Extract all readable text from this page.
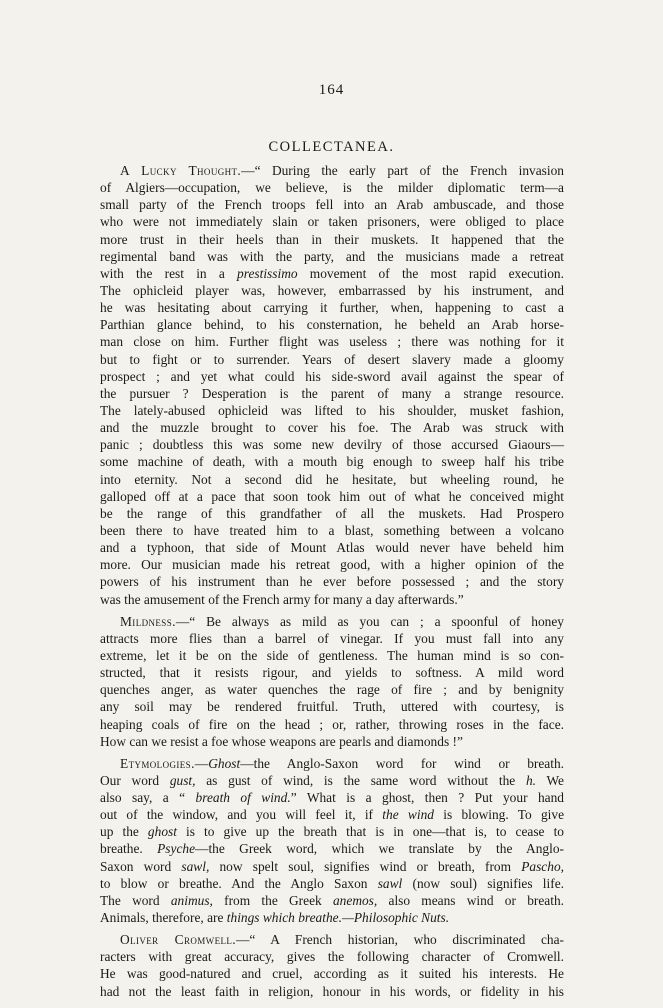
164
COLLECTANEA.
A Lucky Thought.—“ During the early part of the French invasion
of Algiers—occupation, we believe, is the milder diplomatic term—a
small party of the French troops fell into an Arab ambuscade, and those
who were not immediately slain or taken prisoners, were obliged to place
more trust in their heels than in their muskets. It happened that the
regimental band was with the party, and the musicians made a retreat
with the rest in a prestissimo movement of the most rapid execution.
The ophicleid player was, however, embarrassed by his instrument, and
he was hesitating about carrying it further, when, happening to cast a
Parthian glance behind, to his consternation, he beheld an Arab horse-
man close on him. Further flight was useless ; there was nothing for it
but to fight or to surrender. Years of desert slavery made a gloomy
prospect ; and yet what could his side-sword avail against the spear of
the pursuer ? Desperation is the parent of many a strange resource.
The lately-abused ophicleid was lifted to his shoulder, musket fashion,
and the muzzle brought to cover his foe. The Arab was struck with
panic ; doubtless this was some new devilry of those accursed Giaours—
some machine of death, with a mouth big enough to sweep half his tribe
into eternity. Not a second did he hesitate, but wheeling round, he
galloped off at a pace that soon took him out of what he conceived might
be the range of this grandfather of all the muskets. Had Prospero
been there to have treated him to a blast, something between a volcano
and a typhoon, that side of Mount Atlas would never have beheld him
more. Our musician made his retreat good, with a higher opinion of the
powers of his instrument than he ever before possessed ; and the story
was the amusement of the French army for many a day afterwards.”
Mildness.—“ Be always as mild as you can ; a spoonful of honey
attracts more flies than a barrel of vinegar. If you must fall into any
extreme, let it be on the side of gentleness. The human mind is so con-
structed, that it resists rigour, and yields to softness. A mild word
quenches anger, as water quenches the rage of fire ; and by benignity
any soil may be rendered fruitful. Truth, uttered with courtesy, is
heaping coals of fire on the head ; or, rather, throwing roses in the face.
How can we resist a foe whose weapons are pearls and diamonds !”
Etymologies.—Ghost—the Anglo-Saxon word for wind or breath.
Our word gust, as gust of wind, is the same word without the h. We
also say, a “ breath of wind.” What is a ghost, then ? Put your hand
out of the window, and you will feel it, if the wind is blowing. To give
up the ghost is to give up the breath that is in one—that is, to cease to
breathe. Psyche—the Greek word, which we translate by the Anglo-
Saxon word sawl, now spelt soul, signifies wind or breath, from Pascho,
to blow or breathe. And the Anglo Saxon sawl (now soul) signifies life.
The word animus, from the Greek anemos, also means wind or breath.
Animals, therefore, are things which breathe.—Philosophic Nuts.
Oliver Cromwell.—“ A French historian, who discriminated cha-
racters with great accuracy, gives the following character of Cromwell.
He was good-natured and cruel, according as it suited his interests. He
had not the least faith in religion, honour in his words, or fidelity in his
